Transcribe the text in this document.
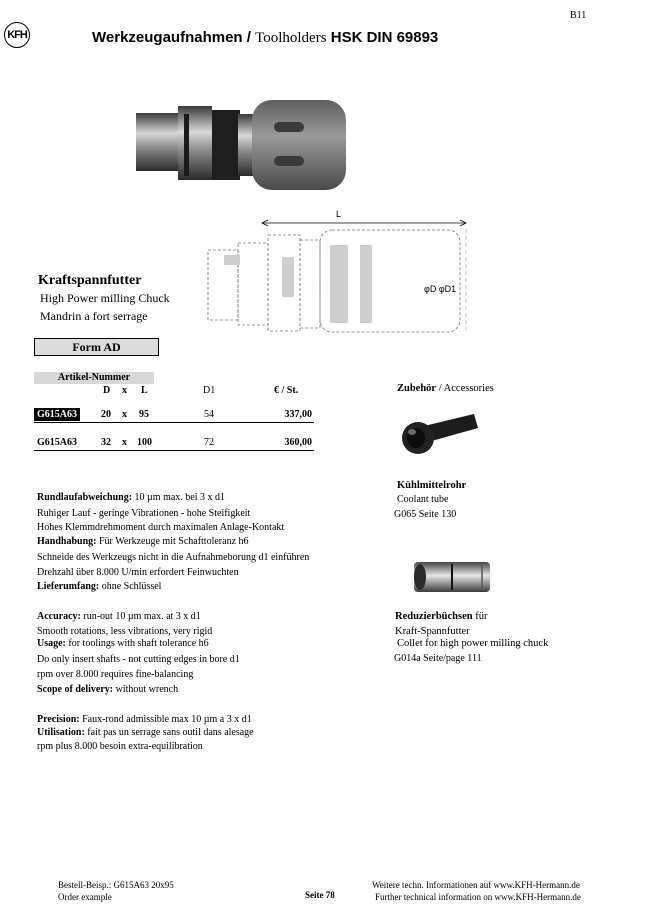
B11
KFH	Werkzeugaufnahmen / Toolholders HSK DIN 69893
L
φD φD1
Kraftspannfutter
High Power milling Chuck
Mandrin a fort serrage
Form AD
Artikel-Nummer
D x L	D1	€ / St.
G615A63	20 x 95	54	337,00
G615A63 32 x 100	72	360,00
Zubehör / Accessories
Kühlmittelrohr
Coolant tube
G065 Seite 130
Reduzierbüchsen für
Kraft-Spannfutter
Collet for high power milling chuck
G014a Seite/page 111
Rundlaufabweichung: 10 µm max. bei 3 x d1
Ruhiger Lauf - geringe Vibrationen - hohe Steifigkeit
Hohes Klemmdrehmoment durch maximalen Anlage-Kontakt
Handhabung: Für Werkzeuge mit Schafttoleranz h6
Schneide des Werkzeugs nicht in die Aufnahmeborung d1 einführen
Drehzahl über 8.000 U/min erfordert Feinwuchten
Lieferumfang: ohne Schlüssel
Accuracy: run-out 10 µm max. at 3 x d1
Smooth rotations, less vibrations, very rigid
Usage: for toolings with shaft tolerance h6
Do only insert shafts - not cutting edges in bore d1
rpm over 8.000 requires fine-balancing
Scope of delivery: without wrench
Precision: Faux-rond admissible max 10 µm a 3 x d1
Utilisation: fait pas un serrage sans outil dans alesage
rpm plus 8.000 besoin extra-equilibration
Bestell-Beisp.: G615A63 20x95
Order example	Seite 78
Weitere techn. Informationen auf www.KFH-Hermann.de
Further technical information on www.KFH-Hermann.de
